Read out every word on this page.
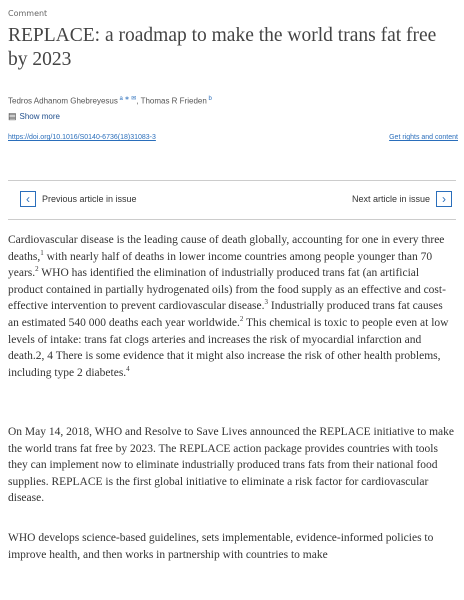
Comment
REPLACE: a roadmap to make the world trans fat free by 2023
Tedros Adhanom Ghebreyesus $^{a ∗ ✉}$, Thomas R Frieden $^b$
▤ Show more
https://doi.org/10.1016/S0140-6736(18)31083-3	Get rights and content
‹	Previous article in issue	Next article in issue	›

Cardiovascular disease is the leading cause of death globally, accounting for one in every three deaths,$^1$ with nearly half of deaths in lower income countries among people younger than 70 years.$^2$ WHO has identified the elimination of industrially produced trans fat (an artificial product contained in partially hydrogenated oils) from the food supply as an effective and cost-effective intervention to prevent cardiovascular disease.$^3$ Industrially produced trans fat causes an estimated 540 000 deaths each year worldwide.$^2$ This chemical is toxic to people even at low levels of intake: trans fat clogs arteries and increases the risk of myocardial infarction and death.2, 4 There is some evidence that it might also increase the risk of other health problems, including type 2 diabetes.$^4$

On May 14, 2018, WHO and Resolve to Save Lives announced the REPLACE initiative to make the world trans fat free by 2023. The REPLACE action package provides countries with tools they can implement now to eliminate industrially produced trans fats from their national food supplies. REPLACE is the first global initiative to eliminate a risk factor for cardiovascular disease.

WHO develops science-based guidelines, sets implementable, evidence-informed policies to improve health, and then works in partnership with countries to make
